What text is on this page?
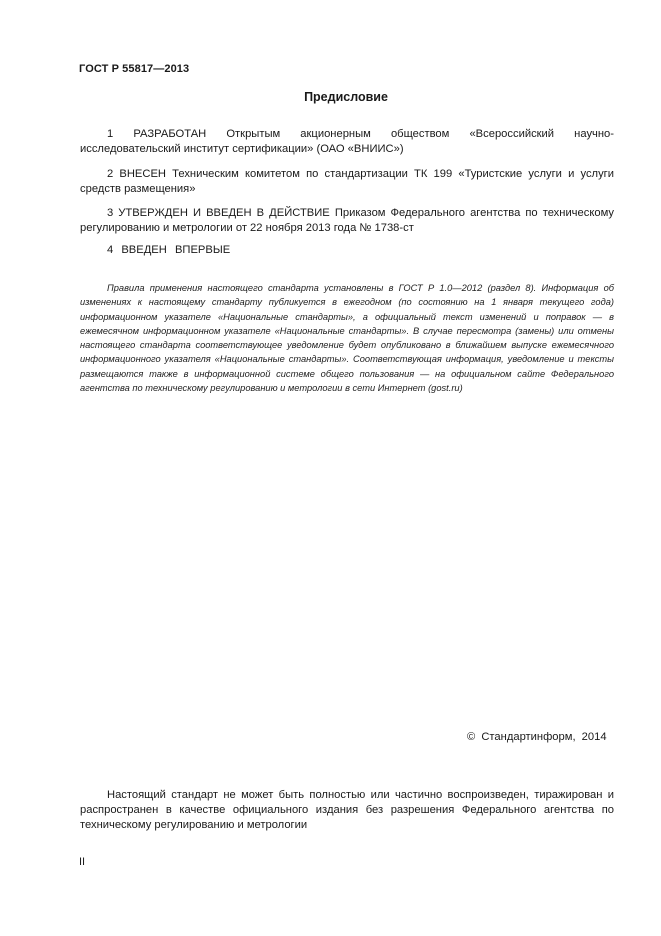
ГОСТ Р 55817—2013
Предисловие
1 РАЗРАБОТАН Открытым акционерным обществом «Всероссийский научно-
исследовательский институт сертификации» (ОАО «ВНИИС»)
2 ВНЕСЕН Техническим комитетом по стандартизации ТК 199 «Туристские услуги и услуги
средств размещения»
3 УТВЕРЖДЕН И ВВЕДЕН В ДЕЙСТВИЕ Приказом Федерального агентства по техническому
регулированию и метрологии от 22 ноября 2013 года № 1738-ст
4 ВВЕДЕН ВПЕРВЫЕ
Правила применения настоящего стандарта установлены в ГОСТ Р 1.0—2012 (раздел 8). Информация об изменениях к настоящему стандарту публикуется в ежегодном (по состоянию на 1 января текущего года) информационном указателе «Национальные стандарты», а официальный текст изменений и поправок — в ежемесячном информационном указателе «Национальные стандарты». В случае пересмотра (замены) или отмены настоящего стандарта соответствующее уведомление будет опубликовано в ближайшем выпуске ежемесячного информационного указателя «Национальные стандарты». Соответствующая информация, уведомление и тексты размещаются также в информационной системе общего пользования — на официальном сайте Федерального агентства по техническому регулированию и метрологии в сети Интернет (gost.ru)
© Стандартинформ, 2014
Настоящий стандарт не может быть полностью или частично воспроизведен, тиражирован и распространен в качестве официального издания без разрешения Федерального агентства по техническому регулированию и метрологии
II
